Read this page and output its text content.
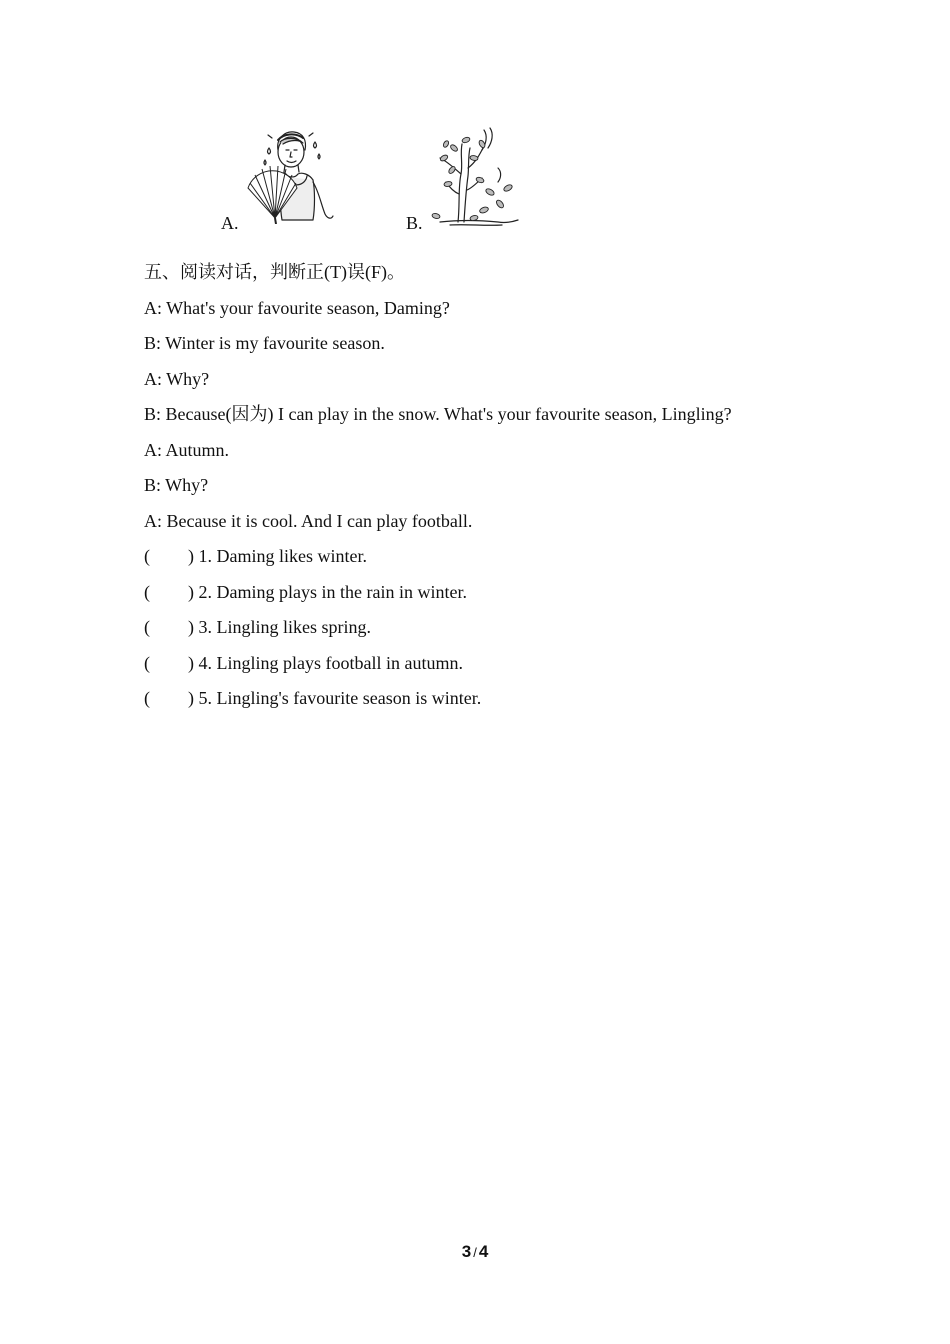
A.	B.
五、阅读对话，判断正(T)误(F)。
A: What's your favourite season, Daming?
B: Winter is my favourite season.
A: Why?
B: Because(因为) I can play in the snow. What's your favourite season, Lingling?
A: Autumn.
B: Why?
A: Because it is cool. And I can play football.
(	) 1. Daming likes winter.
(	) 2. Daming plays in the rain in winter.
(	) 3. Lingling likes spring.
(	) 4. Lingling plays football in autumn.
(	) 5. Lingling's favourite season is winter.
3 / 4
